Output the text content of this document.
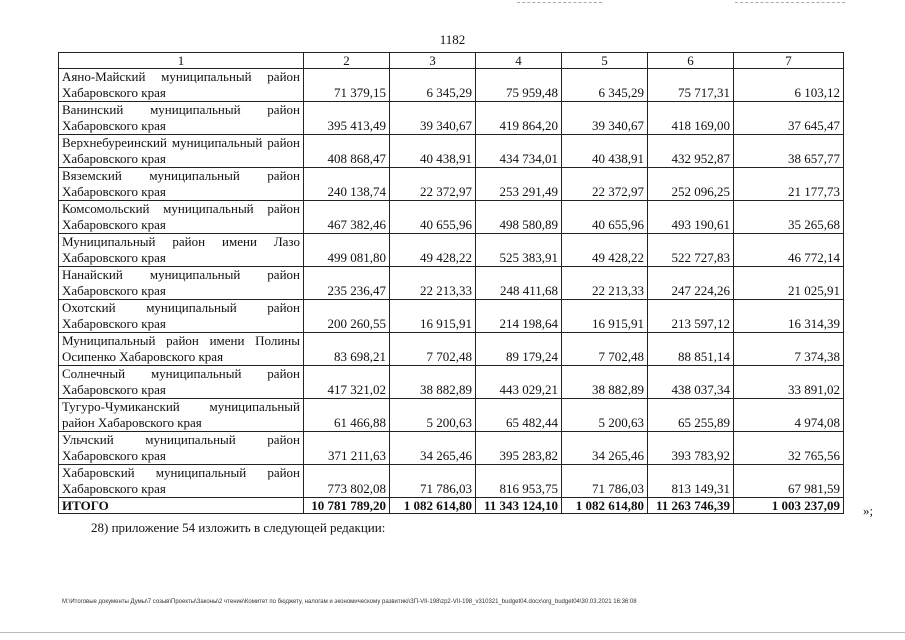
1182
1	2	3	4	5	6	7
Аяно-Майский муниципальный район Хабаровского края	71 379,15	6 345,29	75 959,48	6 345,29	75 717,31	6 103,12
Ванинский муниципальный район Хабаровского края	395 413,49	39 340,67	419 864,20	39 340,67	418 169,00	37 645,47
Верхнебуреинский муниципальный район Хабаровского края	408 868,47	40 438,91	434 734,01	40 438,91	432 952,87	38 657,77
Вяземский муниципальный район Хабаровского края	240 138,74	22 372,97	253 291,49	22 372,97	252 096,25	21 177,73
Комсомольский муниципальный район Хабаровского края	467 382,46	40 655,96	498 580,89	40 655,96	493 190,61	35 265,68
Муниципальный район имени Лазо Хабаровского края	499 081,80	49 428,22	525 383,91	49 428,22	522 727,83	46 772,14
Нанайский муниципальный район Хабаровского края	235 236,47	22 213,33	248 411,68	22 213,33	247 224,26	21 025,91
Охотский муниципальный район Хабаровского края	200 260,55	16 915,91	214 198,64	16 915,91	213 597,12	16 314,39
Муниципальный район имени Полины Осипенко Хабаровского края	83 698,21	7 702,48	89 179,24	7 702,48	88 851,14	7 374,38
Солнечный муниципальный район Хабаровского края	417 321,02	38 882,89	443 029,21	38 882,89	438 037,34	33 891,02
Тугуро-Чумиканский муниципальный район Хабаровского края	61 466,88	5 200,63	65 482,44	5 200,63	65 255,89	4 974,08
Ульчский муниципальный район Хабаровского края	371 211,63	34 265,46	395 283,82	34 265,46	393 783,92	32 765,56
Хабаровский муниципальный район Хабаровского края	773 802,08	71 786,03	816 953,75	71 786,03	813 149,31	67 981,59
ИТОГО	10 781 789,20	1 082 614,80	11 343 124,10	1 082 614,80	11 263 746,39	1 003 237,09 »;
28) приложение 54 изложить в следующей редакции:
M:\Итоговые документы Думы\7 созыв\Проекты\Законы\2 чтение\Комитет по бюджету, налогам и экономическому развитию\ЗП-VII-198\zp2-VII-198_v310321_budget04.docx\org_budget04\30.03.2021 16:36:08
